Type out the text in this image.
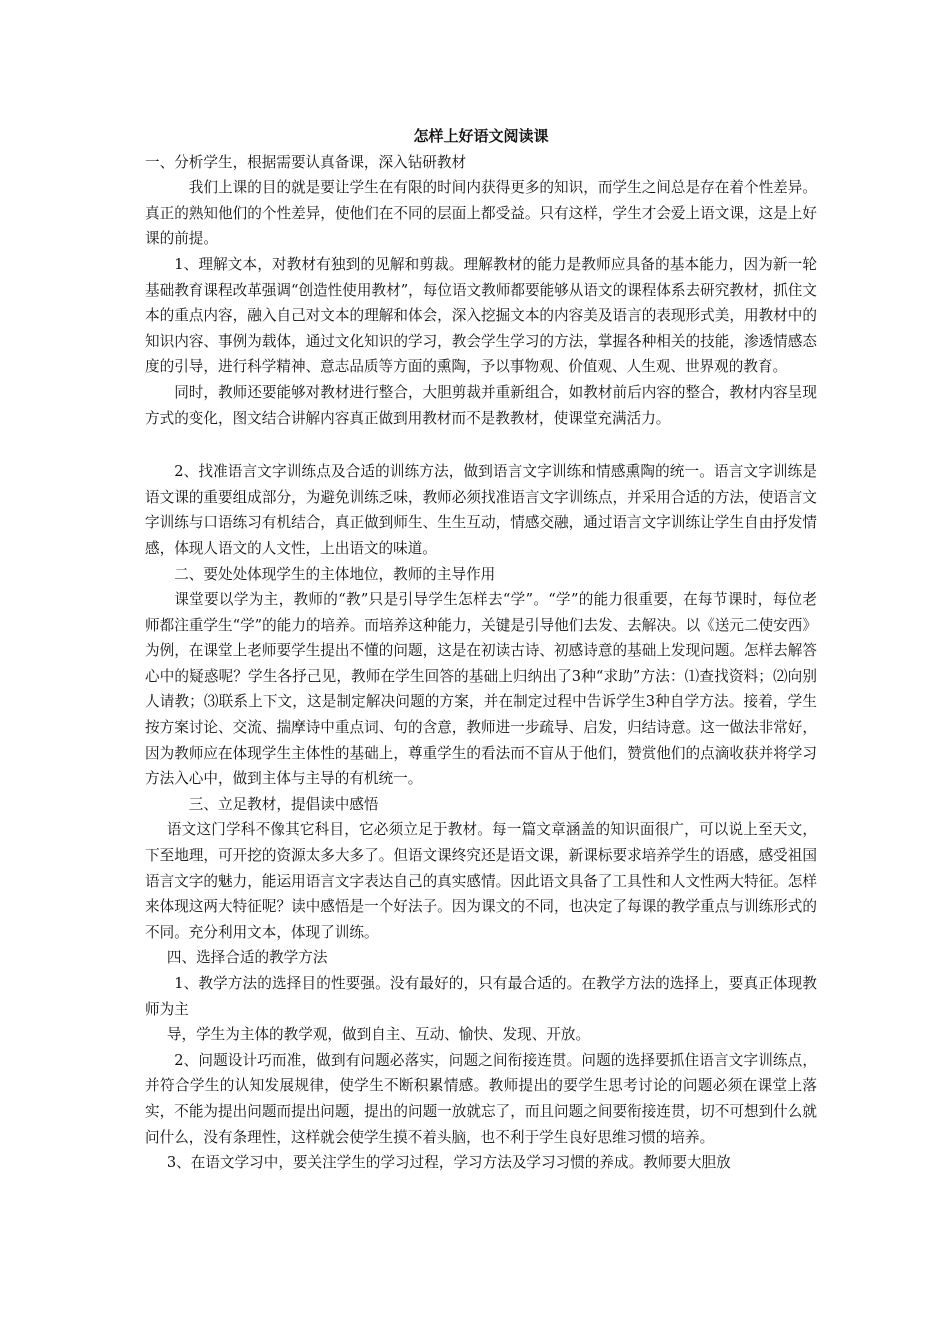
怎样上好语文阅读课

一、分析学生，根据需要认真备课，深入钻研教材

我们上课的目的就是要让学生在有限的时间内获得更多的知识，而学生之间总是存在着个性差异。真正的熟知他们的个性差异，使他们在不同的层面上都受益。只有这样，学生才会爱上语文课，这是上好课的前提。

1、理解文本，对教材有独到的见解和剪裁。理解教材的能力是教师应具备的基本能力，因为新一轮基础教育课程改革强调“创造性使用教材”，每位语文教师都要能够从语文的课程体系去研究教材，抓住文本的重点内容，融入自己对文本的理解和体会，深入挖掘文本的内容美及语言的表现形式美，用教材中的知识内容、事例为载体，通过文化知识的学习，教会学生学习的方法，掌握各种相关的技能，渗透情感态度的引导，进行科学精神、意志品质等方面的熏陶，予以事物观、价值观、人生观、世界观的教育。

同时，教师还要能够对教材进行整合，大胆剪裁并重新组合，如教材前后内容的整合，教材内容呈现方式的变化，图文结合讲解内容真正做到用教材而不是教教材，使课堂充满活力。

2、找准语言文字训练点及合适的训练方法，做到语言文字训练和情感熏陶的统一。语言文字训练是语文课的重要组成部分，为避免训练乏味，教师必须找准语言文字训练点，并采用合适的方法，使语言文字训练与口语练习有机结合，真正做到师生、生生互动，情感交融，通过语言文字训练让学生自由抒发情感，体现人语文的人文性，上出语文的味道。

二、要处处体现学生的主体地位，教师的主导作用

课堂要以学为主，教师的“教”只是引导学生怎样去“学”。“学”的能力很重要，在每节课时，每位老师都注重学生“学”的能力的培养。而培养这种能力，关键是引导他们去发、去解决。以《送元二使安西》为例，在课堂上老师要学生提出不懂的问题，这是在初读古诗、初感诗意的基础上发现问题。怎样去解答心中的疑惑呢？学生各抒己见，教师在学生回答的基础上归纳出了3种“求助”方法：⑴查找资料；⑵向别人请教；⑶联系上下文，这是制定解决问题的方案，并在制定过程中告诉学生3种自学方法。接着，学生按方案讨论、交流、揣摩诗中重点词、句的含意，教师进一步疏导、启发，归结诗意。这一做法非常好，因为教师应在体现学生主体性的基础上，尊重学生的看法而不盲从于他们，赞赏他们的点滴收获并将学习方法入心中，做到主体与主导的有机统一。

三、立足教材，提倡读中感悟

语文这门学科不像其它科目，它必须立足于教材。每一篇文章涵盖的知识面很广，可以说上至天文，下至地理，可开挖的资源太多大多了。但语文课终究还是语文课，新课标要求培养学生的语感，感受祖国语言文字的魅力，能运用语言文字表达自己的真实感情。因此语文具备了工具性和人文性两大特征。怎样来体现这两大特征呢？读中感悟是一个好法子。因为课文的不同，也决定了每课的教学重点与训练形式的不同。充分利用文本，体现了训练。

四、选择合适的教学方法

1、教学方法的选择目的性要强。没有最好的，只有最合适的。在教学方法的选择上，要真正体现教师为主

导，学生为主体的教学观，做到自主、互动、愉快、发现、开放。

2、问题设计巧而准，做到有问题必落实，问题之间衔接连贯。问题的选择要抓住语言文字训练点，并符合学生的认知发展规律，使学生不断积累情感。教师提出的要学生思考讨论的问题必须在课堂上落实，不能为提出问题而提出问题，提出的问题一放就忘了，而且问题之间要衔接连贯，切不可想到什么就问什么，没有条理性，这样就会使学生摸不着头脑，也不利于学生良好思维习惯的培养。

3、在语文学习中，要关注学生的学习过程，学习方法及学习习惯的养成。教师要大胆放
